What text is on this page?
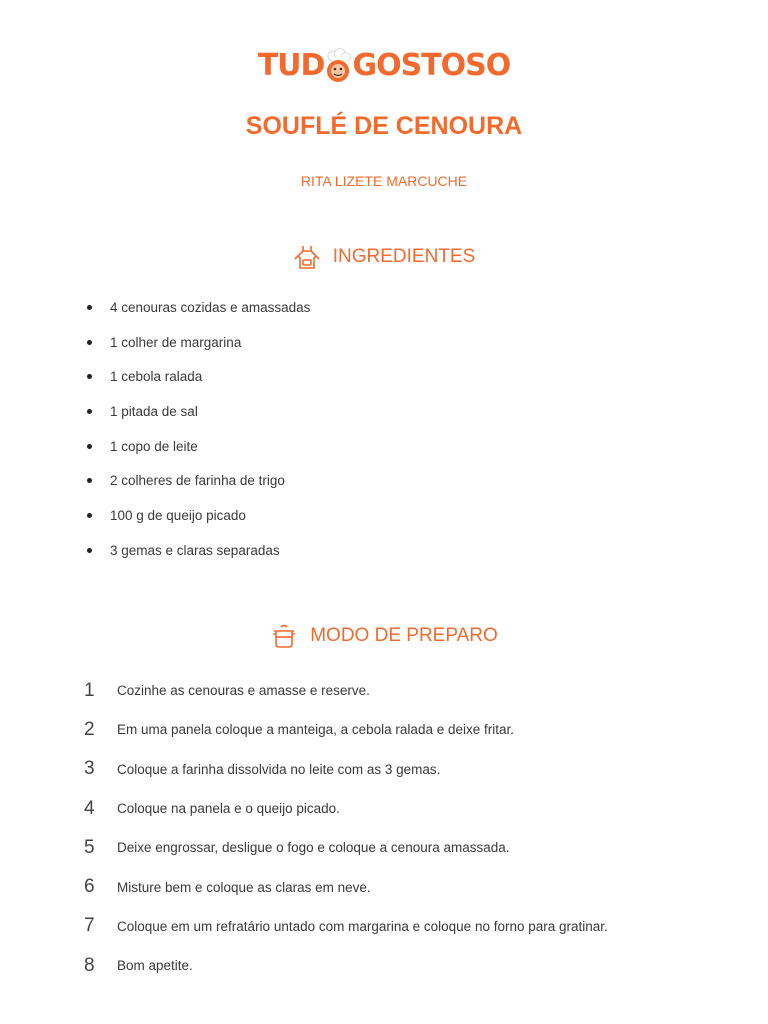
TUD GOSTOSO
SOUFLÉ DE CENOURA
RITA LIZETE MARCUCHE
INGREDIENTES
4 cenouras cozidas e amassadas
1 colher de margarina
1 cebola ralada
1 pitada de sal
1 copo de leite
2 colheres de farinha de trigo
100 g de queijo picado
3 gemas e claras separadas
MODO DE PREPARO
1	Cozinhe as cenouras e amasse e reserve.
2	Em uma panela coloque a manteiga, a cebola ralada e deixe fritar.
3	Coloque a farinha dissolvida no leite com as 3 gemas.
4	Coloque na panela e o queijo picado.
5	Deixe engrossar, desligue o fogo e coloque a cenoura amassada.
6	Misture bem e coloque as claras em neve.
7	Coloque em um refratário untado com margarina e coloque no forno para gratinar.
8	Bom apetite.
